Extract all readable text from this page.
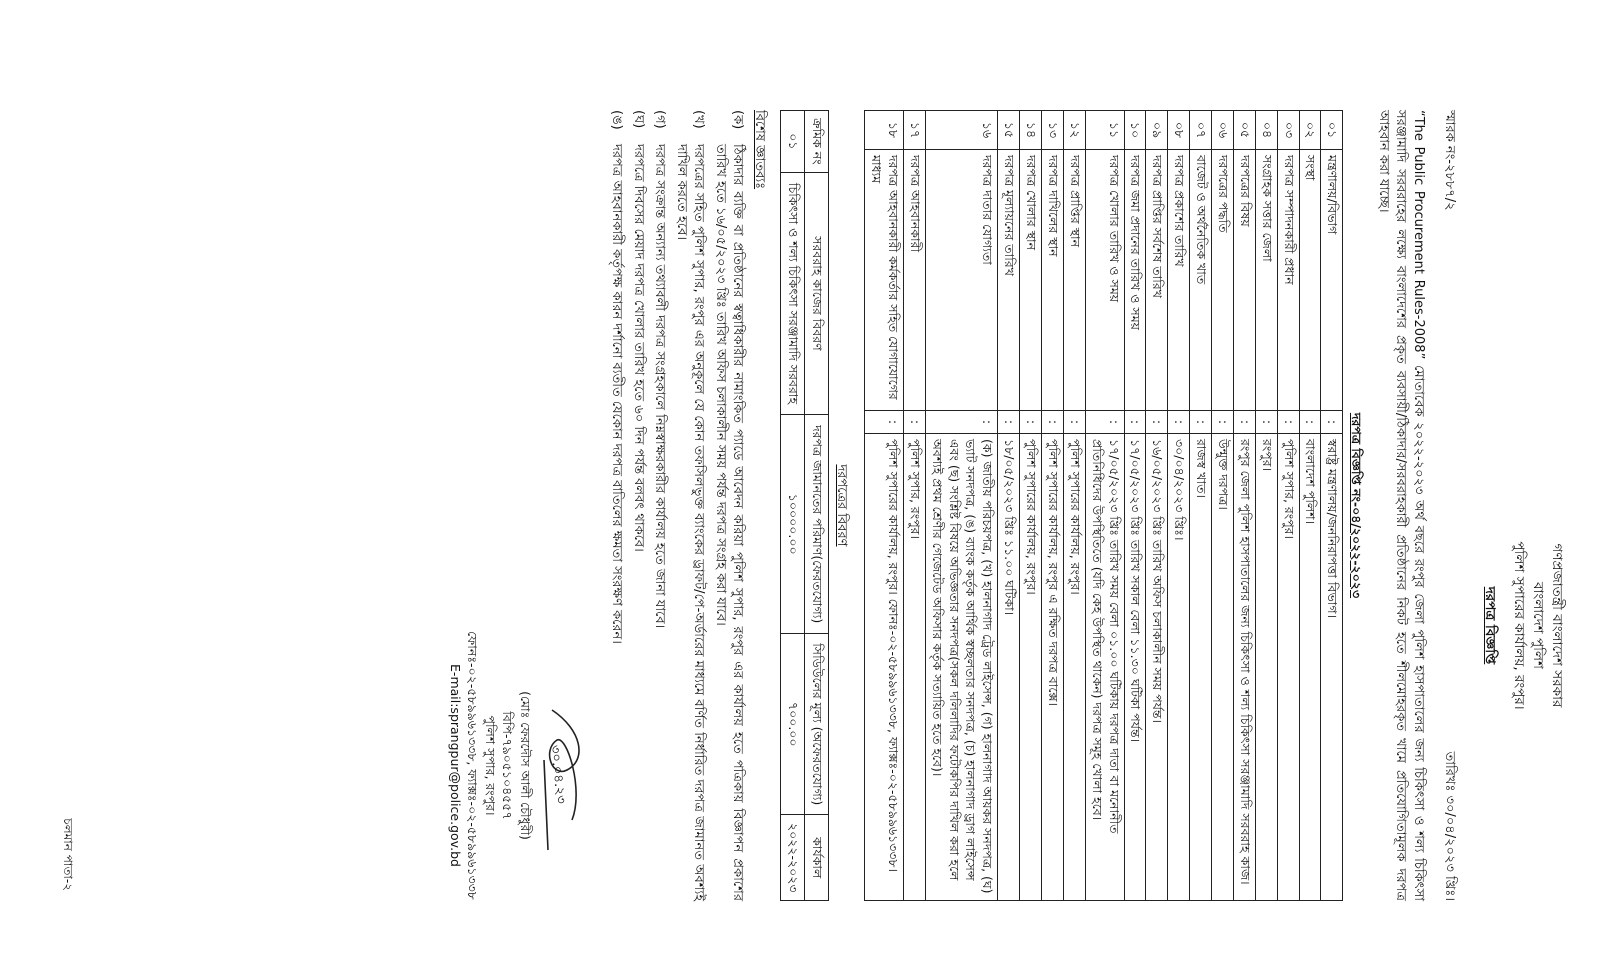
গণপ্রজাতন্ত্রী বাংলাদেশ সরকার
বাংলাদেশ পুলিশ
পুলিশ সুপারের কার্যালয়, রংপুর।
দরপত্র বিজ্ঞপ্তি
স্মারক নং-২৮৮৭/২
তারিখঃ ৩০/০৪/২০২৩ খ্রিঃ।
“The Public Procurement Rules-2008” মোতাবেক ২০২২-২০২৩ অর্থ বছরে রংপুর জেলা পুলিশ হাসপাতালের জন্য চিকিৎসা ও শল্য চিকিৎসা সরঞ্জামাদি সরবরাহের লক্ষ্যে বাংলাদেশের প্রকৃত ব্যবসায়ী/ঠিকাদার/সরবরাহকারী প্রতিষ্ঠানের নিকট হতে শীলমোহরকৃত খামে প্রতিযোগিতামূলক দরপত্র আহবান করা যাচ্ছে।
দরপত্র বিজ্ঞপ্তি নং-০৪/২০২২-২০২৩
০১	মন্ত্রণালয়/বিভাগ	:	স্বরাষ্ট্র মন্ত্রণালয়/জননিরাপত্তা বিভাগ।
০২	সংস্থা	:	বাংলাদেশ পুলিশ।
০৩	দরপত্র সম্পাদনকারী প্রধান	:	পুলিশ সুপার, রংপুর।
০৪	সংগ্রাহক সত্তার জেলা	:	রংপুর।
০৫	দরপত্রের বিষয়	:	রংপুর জেলা পুলিশ হাসপাতালের জন্য চিকিৎসা ও শল্য চিকিৎসা সরঞ্জামাদি সরবরাহ কাজ।
০৬	দরপত্রের পদ্ধতি	:	উন্মুক্ত দরপত্র।
০৭	বাজেট ও অর্থনৈতিক খাত	:	রাজস্ব খাত।
০৮	দরপত্র প্রকাশের তারিখ	:	৩০/০৪/২০২৩ খ্রিঃ।
০৯	দরপত্র প্রাপ্তির সর্বশেষ তারিখ	:	১৬/০৫/২০২৩ খ্রিঃ তারিখ অফিস চলাকালীন সময় পর্যন্ত।
১০	দরপত্র জমা প্রদানের তারিখ ও সময়	:	১৭/০৫/২০২৩ খ্রিঃ তারিখ সকাল বেলা ১১.৩০ ঘটিকা পর্যন্ত।
১১	দরপত্র খোলার তারিখ ও সময়	:	১৭/০৫/২০২৩ খ্রিঃ তারিখ সময় বেলা ০১.০০ ঘটিকায় দরপত্র দাতা বা মনোনীত প্রতিনিধিদের উপস্থিতিতে (যদি কেহ উপস্থিত থাকেন) দরপত্র সমূহ খোলা হবে।
১২	দরপত্র প্রাপ্তির স্থান	:	পুলিশ সুপারের কার্যালয়, রংপুর।
১৩	দরপত্র দাখিলের স্থান	:	পুলিশ সুপারের কার্যালয়, রংপুর এ রক্ষিত দরপত্র বাক্সে।
১৪	দরপত্র খোলার স্থান	:	পুলিশ সুপারের কার্যালয়, রংপুর।
১৫	দরপত্র মূল্যায়নের তারিখ	:	১৮/০৫/২০২৩ খ্রিঃ ১১.০০ ঘটিকা।
১৬	দরপত্র দাতার যোগ্যতা	:	(ক) জাতীয় পরিচয়পত্র, (খ) হালনাগাদ ট্রেড লাইসেন্স, (গ) হালনাগাদ আয়কর সনদপত্র, (ঘ) ভ্যাট সনদপত্র, (ঙ) ব্যাংক কর্তৃক আর্থিক স্বচ্ছলতার সনদপত্র, (চ) হালনাগাদ ড্রাগ লাইসেন্স এবং (ছ) সংশ্লিষ্ট বিষয়ে অভিজ্ঞতার সনদপত্র(সকল দলিলাদির ফটোকপির দাখিল করা হলে অবশ্যই প্রথম শ্রেণীর গেজেটেড অফিসার কর্তৃক সত্যায়িত হতে হবে)।
১৭	দরপত্র আহবানকারী	:	পুলিশ সুপার, রংপুর।
১৮	দরপত্র আহবানকারী কর্মকর্তার সহিত যোগাযোগের মাধ্যম	:	পুলিশ সুপারের কার্যালয়, রংপুর। ফোনঃ-০২-৫৮৯৯৬১৩৩৮, ফ্যাক্সঃ-০২-৫৮৯৯৬১৩৩৮।
দরপত্রের বিবরণ
ক্রমিক নং	সরবরাহ কাজের বিবরণ	দরপত্র জামানতের পরিমাণ(ফেরতযোগ্য)	সিডিউলের মূল্য (অফেরতযোগ্য)	কার্যকাল
০১	চিকিৎসা ও শল্য চিকিৎসা সরঞ্জামাদি সরবরাহ	১০০০০.০০	৭০০.০০	২০২২-২০২৩
বিশেষ জ্ঞাতব্যঃ
(ক)
ঠিকাদার ব্যক্তি বা প্রতিষ্ঠানের স্বত্বাধিকারীর নামাংকিত প্যাডে আবেদন করিয়া পুলিশ সুপার, রংপুর এর কার্যালয় হতে পত্রিকায় বিজ্ঞাপন প্রকাশের তারিখ হতে ১৬/০৫/২০২৩ খ্রিঃ তারিখ অফিস চলাকালীন সময় পর্যন্ত দরপত্র সংগ্রহ করা যাবে।
(খ)
দরপত্রের সহিত পুলিশ সুপার, রংপুর এর অনুকূলে যে কোন তফসিলভুক্ত ব্যাংকের ড্রাফট/পে-অর্ডারের মাধ্যমে বর্ণিত নির্ধারিত দরপত্র জামানত অবশ্যই দাখিল করতে হবে।
(গ)
দরপত্র সংক্রান্ত অন্যান্য তথ্যাবলী দরপত্র সংগ্রহকালে নিম্নস্বাক্ষরকারীর কার্যালয় হতে জানা যাবে।
(ঘ)
দরপত্রে দিবসের মেয়াদ দরপত্র খোলার তারিখ হতে ৬০ দিন পর্যন্ত বলবৎ থাকবে।
(ঙ)
দরপত্র আহবানকারী কর্তৃপক্ষ কারন দর্শানো ব্যতীত যেকোন দরপত্র বাতিলের ক্ষমতা সংরক্ষণ করেন।
৩০.০৪.২৩
(মোঃ ফেরদৌস আলী চৌধুরী)
বিপি-৭৯০৫১০৪৫৫৭
পুলিশ সুপার, রংপুর।
ফোনঃ-০২-৫৮৯৯৬১৩৩৮, ফ্যাক্সঃ-০২-৫৮৯৯৬১৩৩৮
E-mail:sprangpur@police.gov.bd
চলমান পাতা-২
